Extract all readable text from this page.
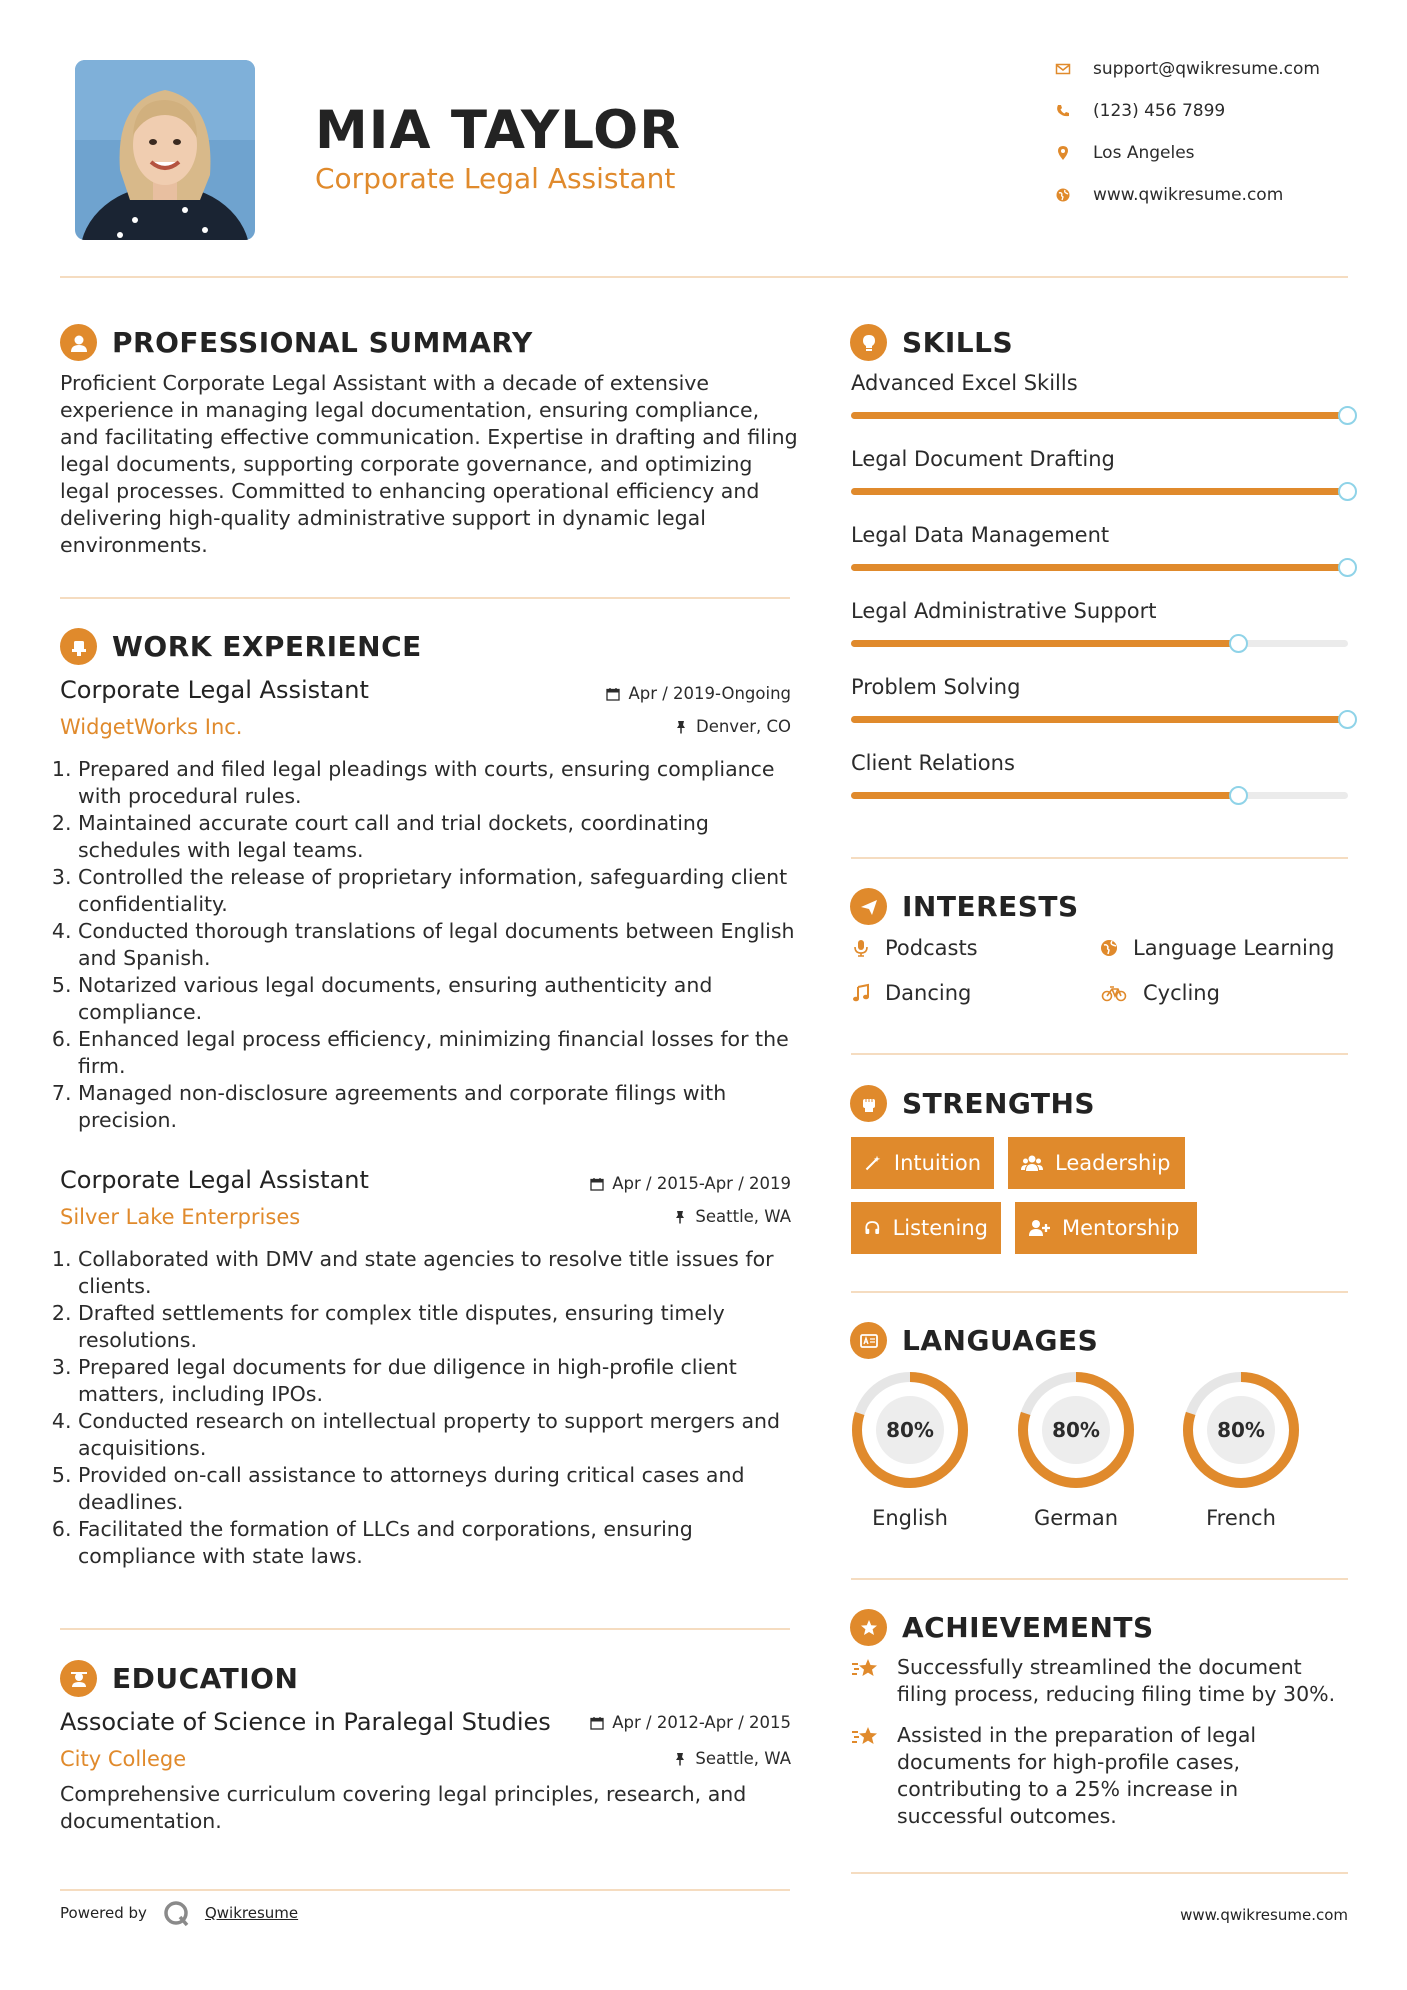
MIA TAYLOR
Corporate Legal Assistant
support@qwikresume.com
(123) 456 7899
Los Angeles
www.qwikresume.com
PROFESSIONAL SUMMARY
Proficient Corporate Legal Assistant with a decade of extensive experience in managing legal documentation, ensuring compliance, and facilitating effective communication. Expertise in drafting and filing legal documents, supporting corporate governance, and optimizing legal processes. Committed to enhancing operational efficiency and delivering high-quality administrative support in dynamic legal environments.
WORK EXPERIENCE
Corporate Legal Assistant
WidgetWorks Inc.
Apr / 2019-Ongoing
Denver, CO
1. Prepared and filed legal pleadings with courts, ensuring compliance with procedural rules.
2. Maintained accurate court call and trial dockets, coordinating schedules with legal teams.
3. Controlled the release of proprietary information, safeguarding client confidentiality.
4. Conducted thorough translations of legal documents between English and Spanish.
5. Notarized various legal documents, ensuring authenticity and compliance.
6. Enhanced legal process efficiency, minimizing financial losses for the firm.
7. Managed non-disclosure agreements and corporate filings with precision.
Corporate Legal Assistant
Silver Lake Enterprises
Apr / 2015-Apr / 2019
Seattle, WA
1. Collaborated with DMV and state agencies to resolve title issues for clients.
2. Drafted settlements for complex title disputes, ensuring timely resolutions.
3. Prepared legal documents for due diligence in high-profile client matters, including IPOs.
4. Conducted research on intellectual property to support mergers and acquisitions.
5. Provided on-call assistance to attorneys during critical cases and deadlines.
6. Facilitated the formation of LLCs and corporations, ensuring compliance with state laws.
EDUCATION
Associate of Science in Paralegal Studies
City College
Apr / 2012-Apr / 2015
Seattle, WA
Comprehensive curriculum covering legal principles, research, and documentation.
SKILLS
Advanced Excel Skills
Legal Document Drafting
Legal Data Management
Legal Administrative Support
Problem Solving
Client Relations
INTERESTS
Podcasts	Language Learning
Dancing	Cycling
STRENGTHS
Intuition	Leadership
Listening	Mentorship
LANGUAGES
80%
English
80%
German
80%
French
ACHIEVEMENTS
Successfully streamlined the document filing process, reducing filing time by 30%.
Assisted in the preparation of legal documents for high-profile cases, contributing to a 25% increase in successful outcomes.
Powered by	Qwikresume	www.qwikresume.com
